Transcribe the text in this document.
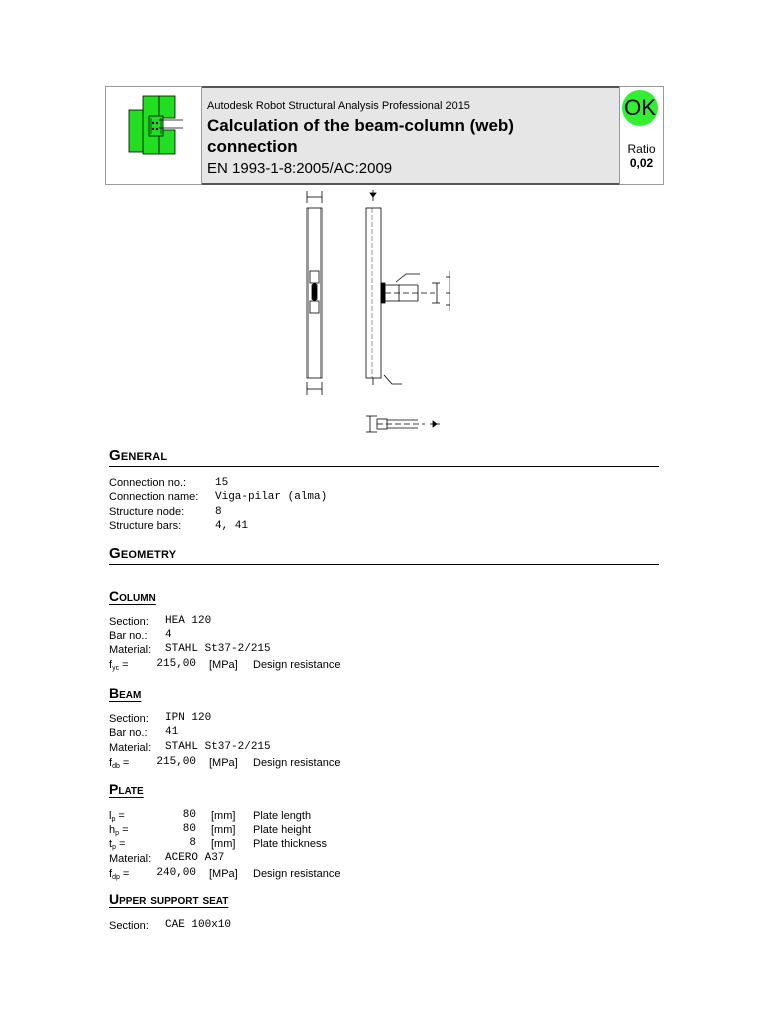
Autodesk Robot Structural Analysis Professional 2015
Calculation of the beam-column (web) connection
EN 1993-1-8:2005/AC:2009
OK
Ratio
0,02
General
Connection no.:	15
Connection name: Viga-pilar (alma)
Structure node:	8
Structure bars:	4, 41
Geometry
Column
Section: HEA 120
Bar no.: 4
Material: STAHL St37-2/215
$f_{yc}$ =	215,00 [MPa] Design resistance
Beam
Section: IPN 120
Bar no.: 41
Material: STAHL St37-2/215
$f_{db}$ =	215,00 [MPa] Design resistance
Plate
$l_p$ =	80 [mm] Plate length
$h_p$ =	80 [mm] Plate height
$t_p$ =	8 [mm] Plate thickness
Material: ACERO A37
$f_{dp}$ =	240,00 [MPa] Design resistance
Upper support seat
Section: CAE 100x10
